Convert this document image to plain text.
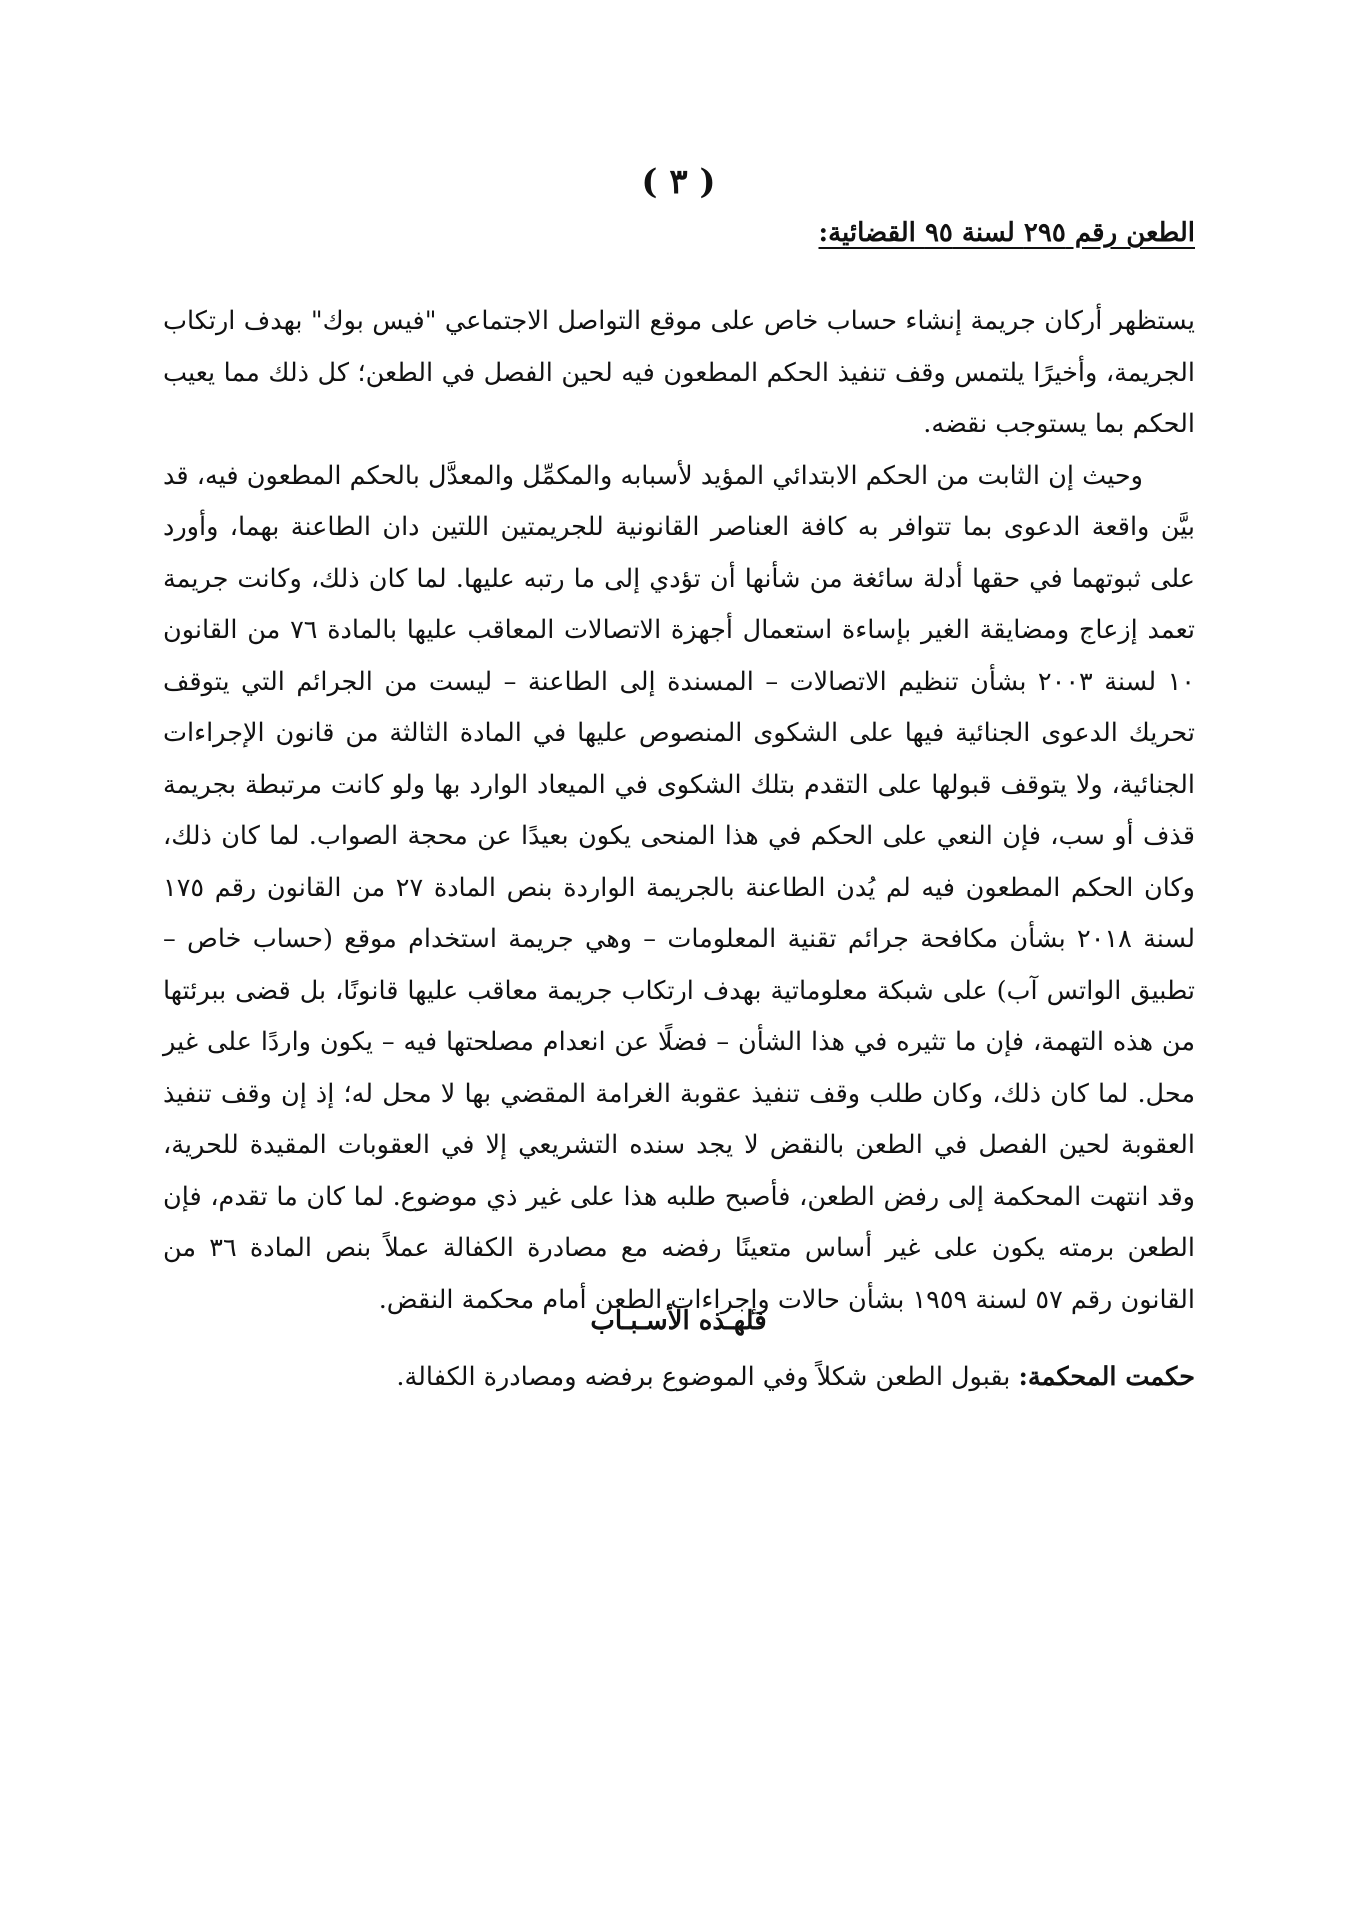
( ٣ )
الطعن رقم ٢٩٥ لسنة ٩٥ القضائية:

يستظهر أركان جريمة إنشاء حساب خاص على موقع التواصل الاجتماعي "فيس بوك" بهدف ارتكاب الجريمة، وأخيرًا يلتمس وقف تنفيذ الحكم المطعون فيه لحين الفصل في الطعن؛ كل ذلك مما يعيب الحكم بما يستوجب نقضه.

وحيث إن الثابت من الحكم الابتدائي المؤيد لأسبابه والمكمِّل والمعدَّل بالحكم المطعون فيه، قد بيَّن واقعة الدعوى بما تتوافر به كافة العناصر القانونية للجريمتين اللتين دان الطاعنة بهما، وأورد على ثبوتهما في حقها أدلة سائغة من شأنها أن تؤدي إلى ما رتبه عليها. لما كان ذلك، وكانت جريمة تعمد إزعاج ومضايقة الغير بإساءة استعمال أجهزة الاتصالات المعاقب عليها بالمادة ٧٦ من القانون ١٠ لسنة ٢٠٠٣ بشأن تنظيم الاتصالات – المسندة إلى الطاعنة – ليست من الجرائم التي يتوقف تحريك الدعوى الجنائية فيها على الشكوى المنصوص عليها في المادة الثالثة من قانون الإجراءات الجنائية، ولا يتوقف قبولها على التقدم بتلك الشكوى في الميعاد الوارد بها ولو كانت مرتبطة بجريمة قذف أو سب، فإن النعي على الحكم في هذا المنحى يكون بعيدًا عن محجة الصواب. لما كان ذلك، وكان الحكم المطعون فيه لم يُدن الطاعنة بالجريمة الواردة بنص المادة ٢٧ من القانون رقم ١٧٥ لسنة ٢٠١٨ بشأن مكافحة جرائم تقنية المعلومات – وهي جريمة استخدام موقع (حساب خاص – تطبيق الواتس آب) على شبكة معلوماتية بهدف ارتكاب جريمة معاقب عليها قانونًا، بل قضى ببرئتها من هذه التهمة، فإن ما تثيره في هذا الشأن – فضلًا عن انعدام مصلحتها فيه – يكون واردًا على غير محل. لما كان ذلك، وكان طلب وقف تنفيذ عقوبة الغرامة المقضي بها لا محل له؛ إذ إن وقف تنفيذ العقوبة لحين الفصل في الطعن بالنقض لا يجد سنده التشريعي إلا في العقوبات المقيدة للحرية، وقد انتهت المحكمة إلى رفض الطعن، فأصبح طلبه هذا على غير ذي موضوع. لما كان ما تقدم، فإن الطعن برمته يكون على غير أساس متعينًا رفضه مع مصادرة الكفالة عملاً بنص المادة ٣٦ من القانون رقم ٥٧ لسنة ١٩٥٩ بشأن حالات وإجراءات الطعن أمام محكمة النقض.

فلهـذه الأسـبـاب
حكمت المحكمة: بقبول الطعن شكلاً وفي الموضوع برفضه ومصادرة الكفالة.
